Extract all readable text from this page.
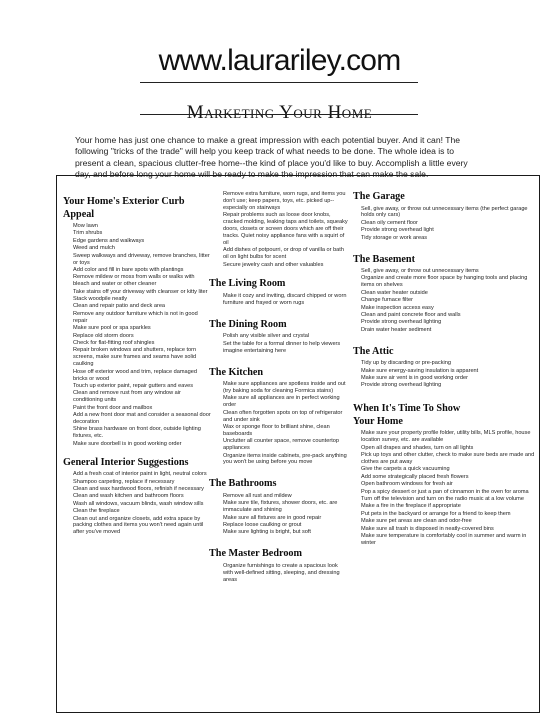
www.laurariley.com
Marketing Your Home

Your home has just one chance to make a great impression with each potential buyer. And it can! The following "tricks of the trade" will help you keep track of what needs to be done. The whole idea is to present a clean, spacious clutter-free home--the kind of place you'd like to buy. Accomplish a little every day, and before long your home will be ready to make the impression that can make the sale.

Your Home's Exterior Curb Appeal
Mow lawn
Trim shrubs
Edge gardens and walkways
Weed and mulch
Sweep walkways and driveway, remove branches, litter or toys
Add color and fill in bare spots with plantings
Remove mildew or moss from walls or walks with bleach and water or other cleaner
Take stains off your driveway with cleanser or kitty liter
Stack woodpile neatly
Clean and repair patio and deck area
Remove any outdoor furniture which is not in good repair
Make sure pool or spa sparkles
Replace old storm doors
Check for flat-fitting roof shingles
Repair broken windows and shutters, replace torn screens, make sure frames and seams have solid caulking
Hose off exterior wood and trim, replace damaged bricks or wood
Touch up exterior paint, repair gutters and eaves
Clean and remove rust from any window air conditioning units
Paint the front door and mailbox
Add a new front door mat and consider a seasonal door decoration
Shine brass hardware on front door, outside lighting fixtures, etc.
Make sure doorbell is in good working order
General Interior Suggestions
Add a fresh coat of interior paint in light, neutral colors
Shampoo carpeting, replace if necessary
Clean and wax hardwood floors, refinish if necessary
Clean and wash kitchen and bathroom floors
Wash all windows, vacuum blinds, wash window sills
Clean the fireplace
Clean out and organize closets, add extra space by packing clothes and items you won't need again until after you've moved
Remove extra furniture, worn rugs, and items you don't use; keep papers, toys, etc. picked up--especially on stairways
Repair problems such as loose door knobs, cracked molding, leaking taps and toilets, squeaky doors, closets or screen doors which are off their tracks. Quiet noisy appliance fans with a squirt of oil
Add dishes of potpourri, or drop of vanilla or bath oil on light bulbs for scent
Secure jewelry cash and other valuables
The Living Room
Make it cozy and inviting, discard chipped or worn furniture and frayed or worn rugs
The Dining Room
Polish any visible silver and crystal
Set the table for a formal dinner to help viewers imagine entertaining here
The Kitchen
Make sure appliances are spotless inside and out (try baking soda for cleaning Formica stains)
Make sure all appliances are in perfect working order
Clean often forgotten spots on top of refrigerator and under sink
Wax or sponge floor to brilliant shine, clean baseboards
Unclutter all counter space, remove countertop appliances
Organize items inside cabinets, pre-pack anything you won't be using before you move
The Bathrooms
Remove all rust and mildew
Make sure tile, fixtures, shower doors, etc. are immaculate and shining
Make sure all fixtures are in good repair
Replace loose caulking or grout
Make sure lighting is bright, but soft
The Master Bedroom
Organize furnishings to create a spacious look with well-defined sitting, sleeping, and dressing areas
The Garage
Sell, give away, or throw out unnecessary items (the perfect garage holds only cars)
Clean oily cement floor
Provide strong overhead light
Tidy storage or work areas
The Basement
Sell, give away, or throw out unnecessary items
Organize and create more floor space by hanging tools and placing items on shelves
Clean water heater outside
Change furnace filter
Make inspection access easy
Clean and paint concrete floor and walls
Provide strong overhead lighting
Drain water heater sediment
The Attic
Tidy up by discarding or pre-packing
Make sure energy-saving insulation is apparent
Make sure air vent is in good working order
Provide strong overhead lighting
When It's Time To Show Your Home
Make sure your property profile folder, utility bills, MLS profile, house location survey, etc. are available
Open all drapes and shades, turn on all lights
Pick up toys and other clutter, check to make sure beds are made and clothes are put away
Give the carpets a quick vacuuming
Add some strategically placed fresh flowers
Open bathroom windows for fresh air
Pop a spicy dessert or just a pan of cinnamon in the oven for aroma
Turn off the television and turn on the radio music at a low volume
Make a fire in the fireplace if appropriate
Put pets in the backyard or arrange for a friend to keep them
Make sure pet areas are clean and odor-free
Make sure all trash is disposed in neatly-covered bins
Make sure temperature is comfortably cool in summer and warm in winter
